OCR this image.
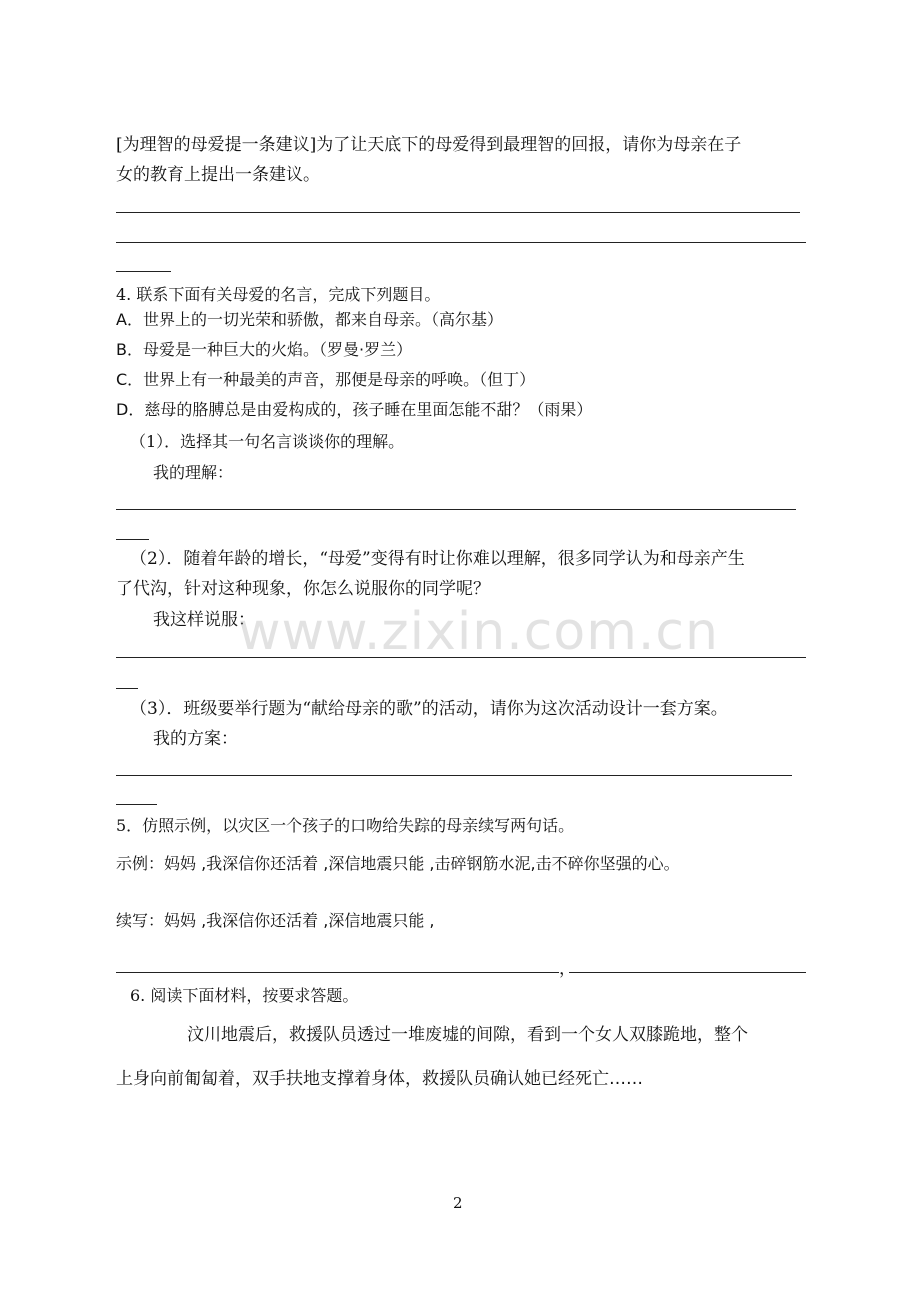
[为理智的母爱提一条建议]为了让天底下的母爱得到最理智的回报，请你为母亲在子
女的教育上提出一条建议。
4. 联系下面有关母爱的名言，完成下列题目。
A．世界上的一切光荣和骄傲，都来自母亲。（高尔基）
B．母爱是一种巨大的火焰。（罗曼·罗兰）
C．世界上有一种最美的声音，那便是母亲的呼唤。（但丁）
D．慈母的胳膊总是由爱构成的，孩子睡在里面怎能不甜？（雨果）
（1）．选择其一句名言谈谈你的理解。
我的理解：
（2）．随着年龄的增长，“母爱”变得有时让你难以理解，很多同学认为和母亲产生
了代沟，针对这种现象，你怎么说服你的同学呢？
我这样说服：
（3）．班级要举行题为“献给母亲的歌”的活动，请你为这次活动设计一套方案。
我的方案：
5．仿照示例，以灾区一个孩子的口吻给失踪的母亲续写两句话。
示例：妈妈 ,我深信你还活着 ,深信地震只能 ,击碎钢筋水泥,击不碎你坚强的心。
续写：妈妈 ,我深信你还活着 ,深信地震只能 ,
，
6. 阅读下面材料，按要求答题。
汶川地震后，救援队员透过一堆废墟的间隙，看到一个女人双膝跪地，整个
上身向前匍匐着，双手扶地支撑着身体，救援队员确认她已经死亡……
www.zixin.com.cn
2
